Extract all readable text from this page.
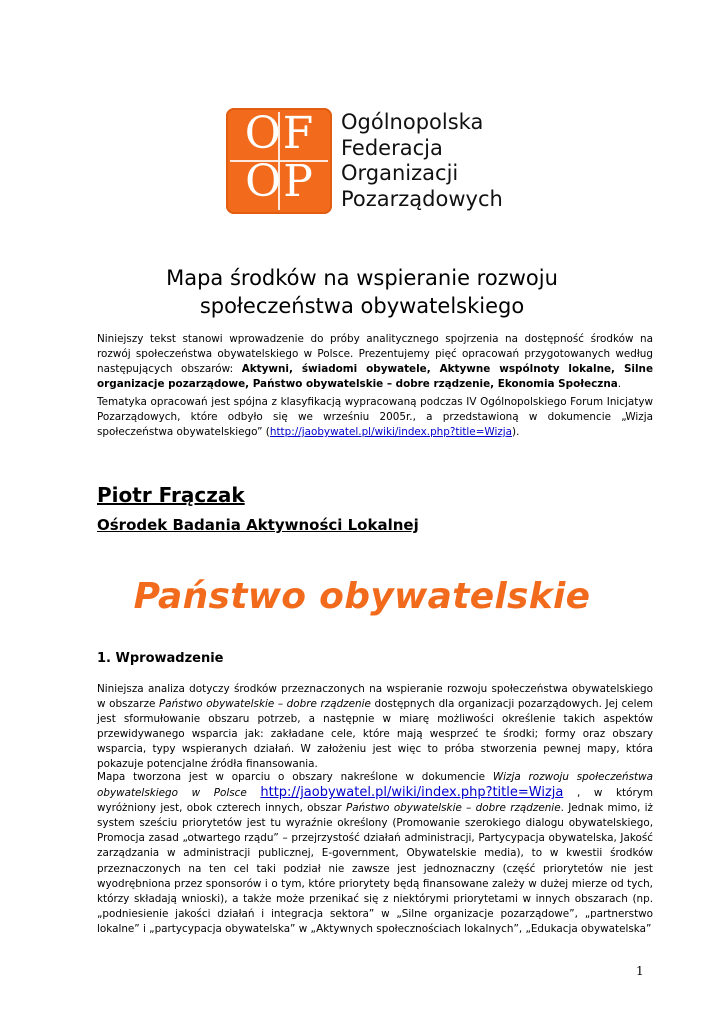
OF
OP
Ogólnopolska
Federacja
Organizacji
Pozarządowych
Mapa środków na wspieranie rozwoju
społeczeństwa obywatelskiego

Niniejszy tekst stanowi wprowadzenie do próby analitycznego spojrzenia na dostępność środków na rozwój społeczeństwa obywatelskiego w Polsce. Prezentujemy pięć opracowań przygotowanych według następujących obszarów: Aktywni, świadomi obywatele, Aktywne wspólnoty lokalne, Silne organizacje pozarządowe, Państwo obywatelskie – dobre rządzenie, Ekonomia Społeczna.

Tematyka opracowań jest spójna z klasyfikacją wypracowaną podczas IV Ogólnopolskiego Forum Inicjatyw Pozarządowych, które odbyło się we wrześniu 2005r., a przedstawioną w dokumencie „Wizja społeczeństwa obywatelskiego” (http://jaobywatel.pl/wiki/index.php?title=Wizja).

Piotr Frączak
Ośrodek Badania Aktywności Lokalnej
Państwo obywatelskie
1. Wprowadzenie

Niniejsza analiza dotyczy środków przeznaczonych na wspieranie rozwoju społeczeństwa obywatelskiego w obszarze Państwo obywatelskie – dobre rządzenie dostępnych dla organizacji pozarządowych. Jej celem jest sformułowanie obszaru potrzeb, a następnie w miarę możliwości określenie takich aspektów przewidywanego wsparcia jak: zakładane cele, które mają wesprzeć te środki; formy oraz obszary wsparcia, typy wspieranych działań. W założeniu jest więc to próba stworzenia pewnej mapy, która pokazuje potencjalne źródła finansowania.

Mapa tworzona jest w oparciu o obszary nakreślone w dokumencie Wizja rozwoju społeczeństwa obywatelskiego w Polsce http://jaobywatel.pl/wiki/index.php?title=Wizja , w którym wyróżniony jest, obok czterech innych, obszar Państwo obywatelskie – dobre rządzenie. Jednak mimo, iż system sześciu priorytetów jest tu wyraźnie określony (Promowanie szerokiego dialogu obywatelskiego, Promocja zasad „otwartego rządu” – przejrzystość działań administracji, Partycypacja obywatelska, Jakość zarządzania w administracji publicznej, E-government, Obywatelskie media), to w kwestii środków przeznaczonych na ten cel taki podział nie zawsze jest jednoznaczny (część priorytetów nie jest wyodrębniona przez sponsorów i o tym, które priorytety będą finansowane zależy w dużej mierze od tych, którzy składają wnioski), a także może przenikać się z niektórymi priorytetami w innych obszarach (np. „podniesienie jakości działań i integracja sektora” w „Silne organizacje pozarządowe”, „partnerstwo lokalne” i „partycypacja obywatelska” w „Aktywnych społecznościach lokalnych”, „Edukacja obywatelska”

1
